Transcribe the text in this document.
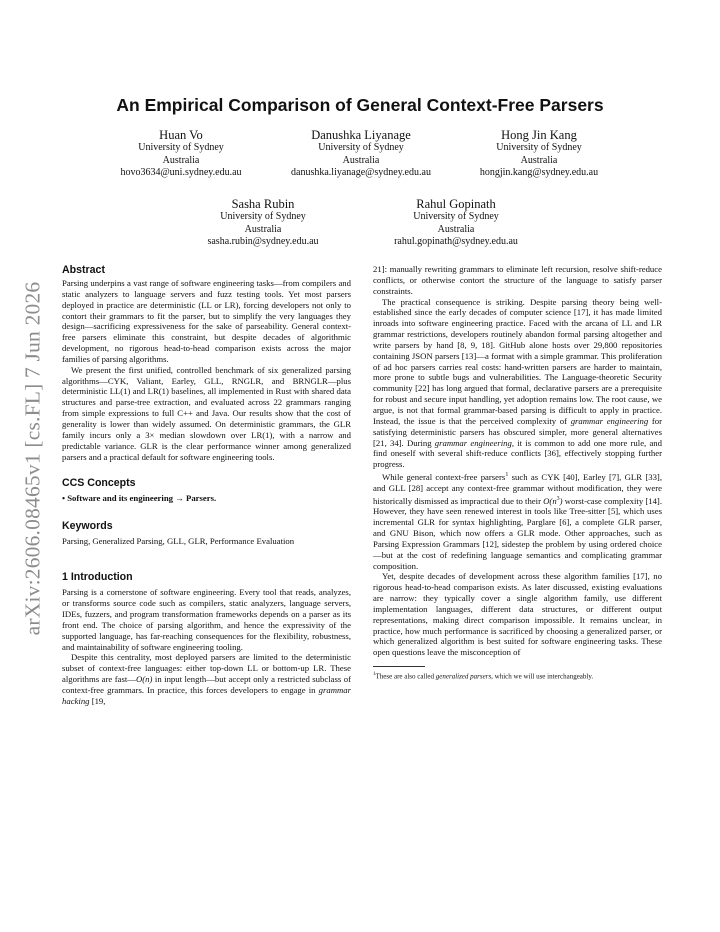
arXiv:2606.08465v1 [cs.FL] 7 Jun 2026
An Empirical Comparison of General Context-Free Parsers
Huan Vo
University of Sydney
Australia
hovo3634@uni.sydney.edu.au
Danushka Liyanage
University of Sydney
Australia
danushka.liyanage@sydney.edu.au
Hong Jin Kang
University of Sydney
Australia
hongjin.kang@sydney.edu.au
Sasha Rubin
University of Sydney
Australia
sasha.rubin@sydney.edu.au
Rahul Gopinath
University of Sydney
Australia
rahul.gopinath@sydney.edu.au
Abstract

Parsing underpins a vast range of software engineering tasks—from compilers and static analyzers to language servers and fuzz testing tools. Yet most parsers deployed in practice are deterministic (LL or LR), forcing developers not only to contort their grammars to fit the parser, but to simplify the very languages they design—sacrificing expressiveness for the sake of parseability. General context-free parsers eliminate this constraint, but despite decades of algorithmic development, no rigorous head-to-head comparison exists across the major families of parsing algorithms.

We present the first unified, controlled benchmark of six generalized parsing algorithms—CYK, Valiant, Earley, GLL, RNGLR, and BRNGLR—plus deterministic LL(1) and LR(1) baselines, all implemented in Rust with shared data structures and parse-tree extraction, and evaluated across 22 grammars ranging from simple expressions to full C++ and Java. Our results show that the cost of generality is lower than widely assumed. On deterministic grammars, the GLR family incurs only a 3× median slowdown over LR(1), with a narrow and predictable variance. GLR is the clear performance winner among generalized parsers and a practical default for software engineering tools.

CCS Concepts

• Software and its engineering → Parsers.

Keywords

Parsing, Generalized Parsing, GLL, GLR, Performance Evaluation

1 Introduction

Parsing is a cornerstone of software engineering. Every tool that reads, analyzes, or transforms source code such as compilers, static analyzers, language servers, IDEs, fuzzers, and program transformation frameworks depends on a parser as its front end. The choice of parsing algorithm, and hence the expressivity of the supported language, has far-reaching consequences for the flexibility, robustness, and maintainability of software engineering tooling.

Despite this centrality, most deployed parsers are limited to the deterministic subset of context-free languages: either top-down LL or bottom-up LR. These algorithms are fast—O(n) in input length—but accept only a restricted subclass of context-free grammars. In practice, this forces developers to engage in grammar hacking [19,

21]: manually rewriting grammars to eliminate left recursion, resolve shift-reduce conflicts, or otherwise contort the structure of the language to satisfy parser constraints.

The practical consequence is striking. Despite parsing theory being well-established since the early decades of computer science [17], it has made limited inroads into software engineering practice. Faced with the arcana of LL and LR grammar restrictions, developers routinely abandon formal parsing altogether and write parsers by hand [8, 9, 18]. GitHub alone hosts over 29,800 repositories containing JSON parsers [13]—a format with a simple grammar. This proliferation of ad hoc parsers carries real costs: hand-written parsers are harder to maintain, more prone to subtle bugs and vulnerabilities. The Language-theoretic Security community [22] has long argued that formal, declarative parsers are a prerequisite for robust and secure input handling, yet adoption remains low. The root cause, we argue, is not that formal grammar-based parsing is difficult to apply in practice. Instead, the issue is that the perceived complexity of grammar engineering for satisfying deterministic parsers has obscured simpler, more general alternatives [21, 34]. During grammar engineering, it is common to add one more rule, and find oneself with several shift-reduce conflicts [36], effectively stopping further progress.

While general context-free parsers$^1$ such as CYK [40], Earley [7], GLR [33], and GLL [28] accept any context-free grammar without modification, they were historically dismissed as impractical due to their $O(n^3)$ worst-case complexity [14]. However, they have seen renewed interest in tools like Tree-sitter [5], which uses incremental GLR for syntax highlighting, Parglare [6], a complete GLR parser, and GNU Bison, which now offers a GLR mode. Other approaches, such as Parsing Expression Grammars [12], sidestep the problem by using ordered choice—but at the cost of redefining language semantics and complicating grammar composition.

Yet, despite decades of development across these algorithm families [17], no rigorous head-to-head comparison exists. As later discussed, existing evaluations are narrow: they typically cover a single algorithm family, use different implementation languages, different data structures, or different output representations, making direct comparison impossible. It remains unclear, in practice, how much performance is sacrificed by choosing a generalized parser, or which generalized algorithm is best suited for software engineering tasks. These open questions leave the misconception of

$^1$These are also called generalized parsers, which we will use interchangeably.
